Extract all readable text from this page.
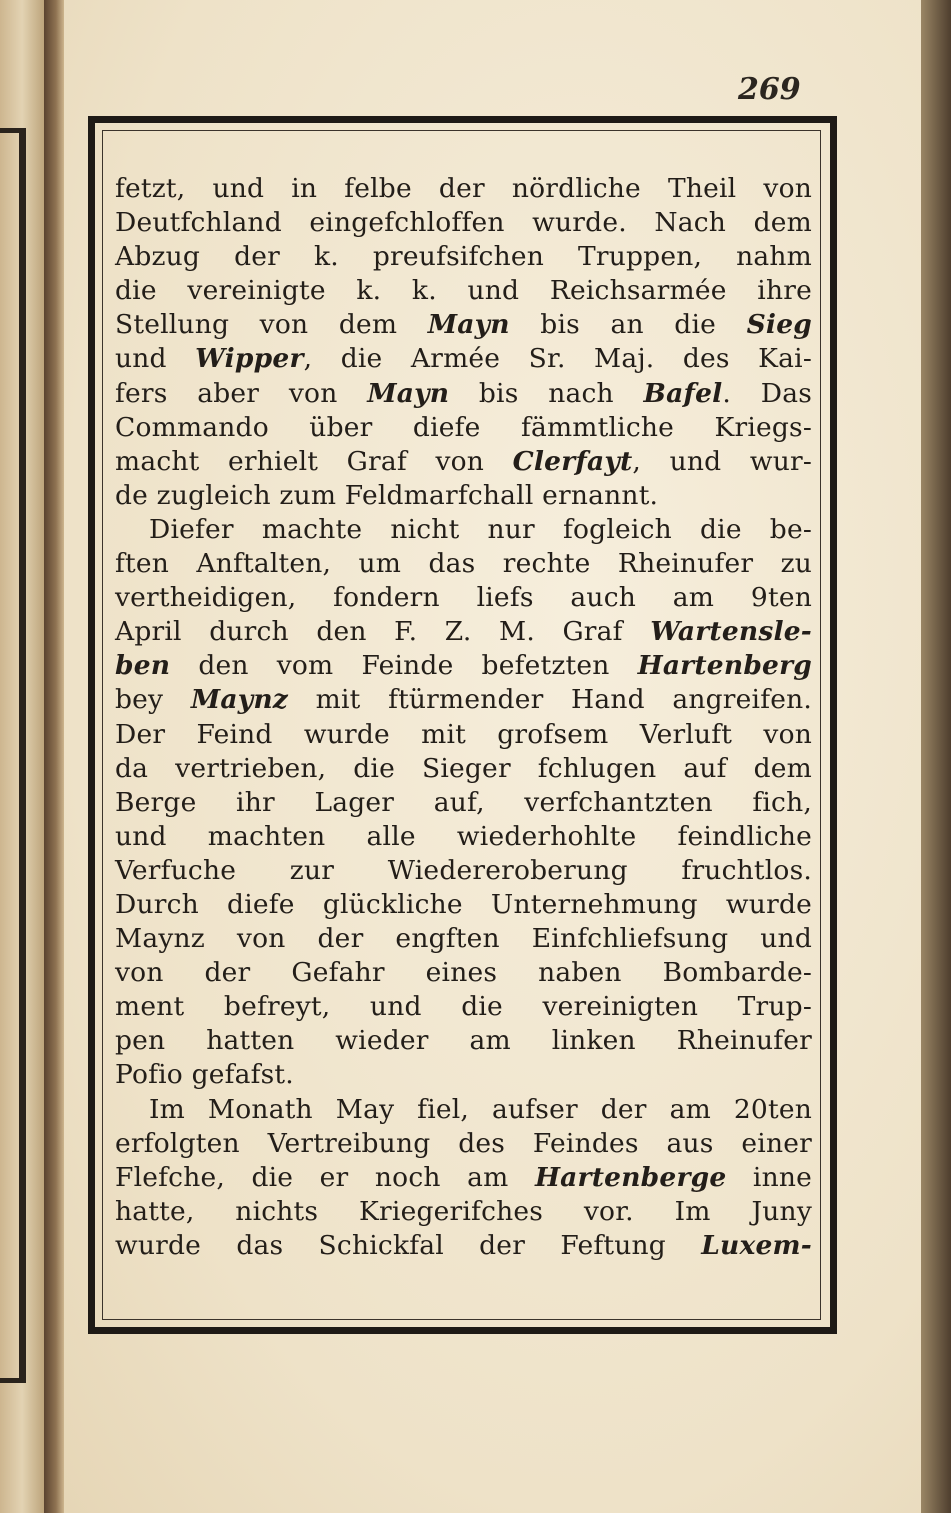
269
fetzt, und in felbe der nördliche Theil von
Deutfchland eingefchloffen wurde. Nach dem
Abzug der k. preufsifchen Truppen, nahm
die vereinigte k. k. und Reichsarmée ihre
Stellung von dem Mayn bis an die Sieg
und Wipper, die Armée Sr. Maj. des Kai-
fers aber von Mayn bis nach Bafel. Das
Commando über diefe fämmtliche Kriegs-
macht erhielt Graf von Clerfayt, und wur-
de zugleich zum Feldmarfchall ernannt.
Diefer machte nicht nur fogleich die be-
ften Anftalten, um das rechte Rheinufer zu
vertheidigen, fondern liefs auch am 9ten
April durch den F. Z. M. Graf Wartensle-
ben den vom Feinde befetzten Hartenberg
bey Maynz mit ftürmender Hand angreifen.
Der Feind wurde mit grofsem Verluft von
da vertrieben, die Sieger fchlugen auf dem
Berge ihr Lager auf, verfchantzten fich,
und machten alle wiederhohlte feindliche
Verfuche zur Wiedereroberung fruchtlos.
Durch diefe glückliche Unternehmung wurde
Maynz von der engften Einfchliefsung und
von der Gefahr eines naben Bombarde-
ment befreyt, und die vereinigten Trup-
pen hatten wieder am linken Rheinufer
Pofio gefafst.
Im Monath May fiel, aufser der am 20ten
erfolgten Vertreibung des Feindes aus einer
Flefche, die er noch am Hartenberge inne
hatte, nichts Kriegerifches vor. Im Juny
wurde das Schickfal der Feftung Luxem-
